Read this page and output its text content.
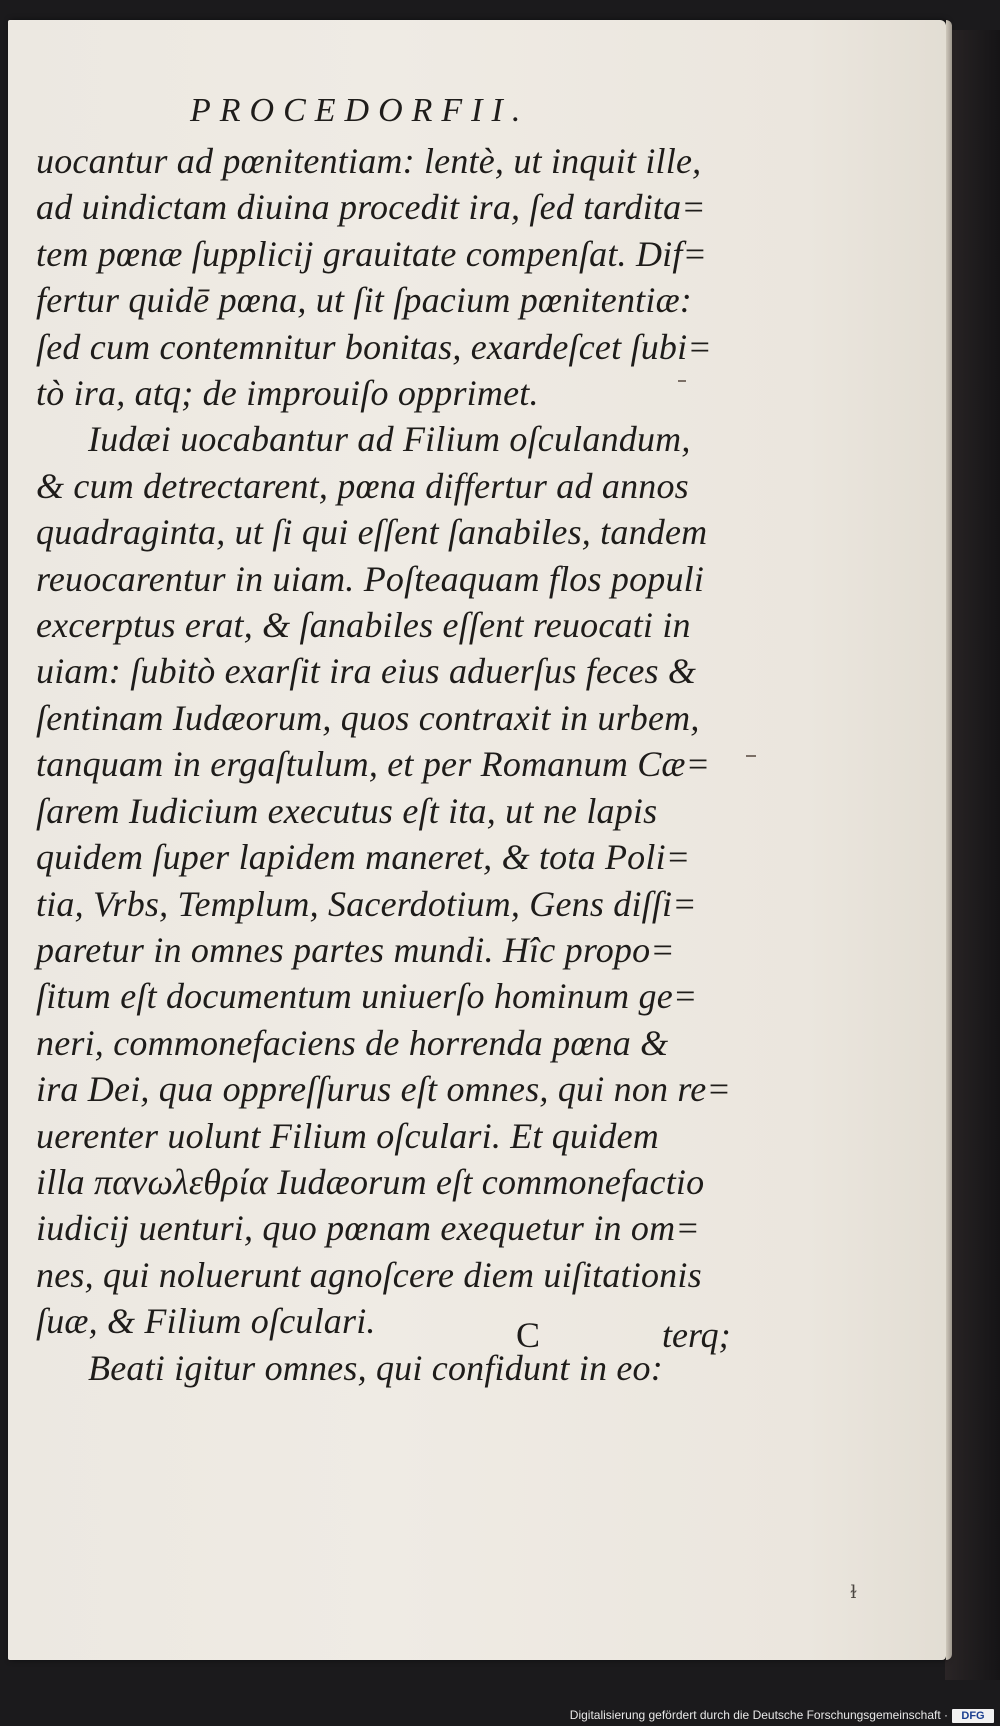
PROCEDORFII.
uocantur ad pœnitentiam: lentè, ut inquit ille,
ad uindictam diuina procedit ira, ſed tardita=
tem pœnæ ſupplicij grauitate compenſat. Dif=
fertur quidē pœna, ut ſit ſpacium pœnitentiæ:
ſed cum contemnitur bonitas, exardeſcet ſubi=
tò ira, atq; de improuiſo opprimet.
Iudæi uocabantur ad Filium oſculandum,
& cum detrectarent, pœna differtur ad annos
quadraginta, ut ſi qui eſſent ſanabiles, tandem
reuocarentur in uiam. Poſteaquam flos populi
excerptus erat, & ſanabiles eſſent reuocati in
uiam: ſubitò exarſit ira eius aduerſus feces &
ſentinam Iudæorum, quos contraxit in urbem,
tanquam in ergaſtulum, et per Romanum Cæ=
ſarem Iudicium executus eſt ita, ut ne lapis
quidem ſuper lapidem maneret, & tota Poli=
tia, Vrbs, Templum, Sacerdotium, Gens diſſi=
paretur in omnes partes mundi. Hîc propo=
ſitum eſt documentum uniuerſo hominum ge=
neri, commonefaciens de horrenda pœna &
ira Dei, qua oppreſſurus eſt omnes, qui non re=
uerenter uolunt Filium oſculari. Et quidem
illa πανωλεθρία Iudæorum eſt commonefactio
iudicij uenturi, quo pœnam exequetur in om=
nes, qui noluerunt agnoſcere diem uiſitationis
ſuæ, & Filium oſculari.
Beati igitur omnes, qui confidunt in eo:
C	terq;
ɫ
Digitalisierung gefördert durch die Deutsche Forschungsgemeinschaft ·	DFG
